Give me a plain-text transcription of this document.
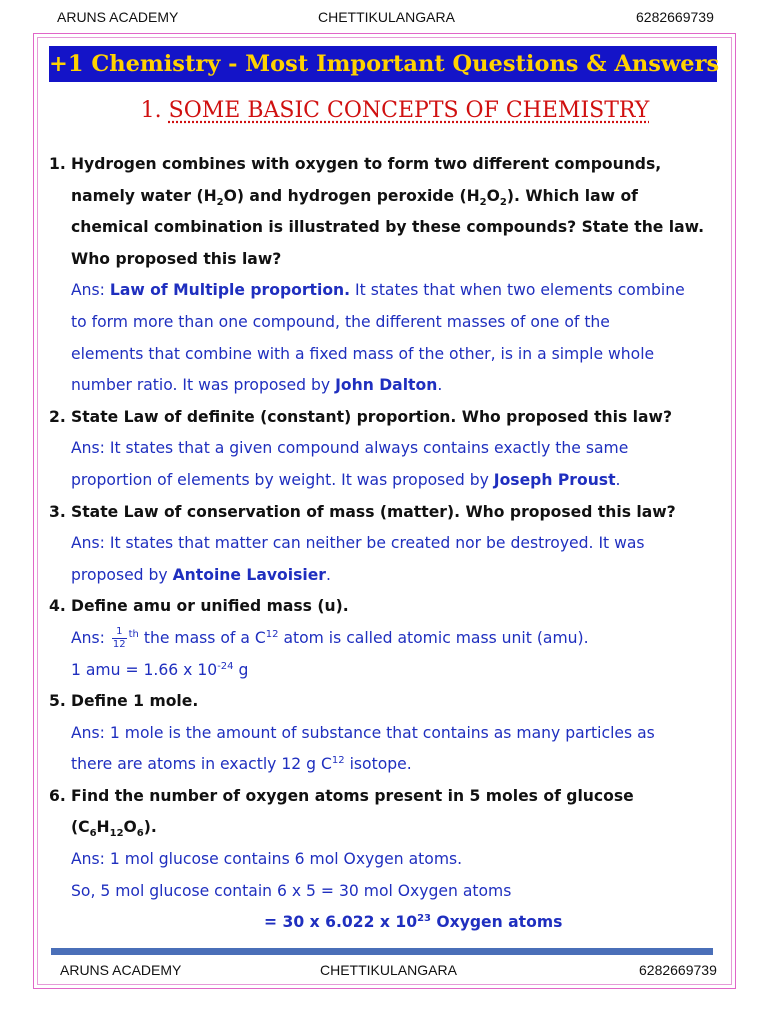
ARUNS ACADEMY	CHETTIKULANGARA	6282669739
+1 Chemistry - Most Important Questions & Answers
1. SOME BASIC CONCEPTS OF CHEMISTRY
1. Hydrogen combines with oxygen to form two different compounds,
namely water $(H_2O)$ and hydrogen peroxide $(H_2O_2)$. Which law of
chemical combination is illustrated by these compounds? State the law.
Who proposed this law?
Ans: Law of Multiple proportion. It states that when two elements combine
to form more than one compound, the different masses of one of the
elements that combine with a fixed mass of the other, is in a simple whole
number ratio. It was proposed by John Dalton.
2. State Law of definite (constant) proportion. Who proposed this law?
Ans: It states that a given compound always contains exactly the same
proportion of elements by weight. It was proposed by Joseph Proust.
3. State Law of conservation of mass (matter). Who proposed this law?
Ans: It states that matter can neither be created nor be destroyed. It was
proposed by Antoine Lavoisier.
4. Define amu or unified mass (u).
Ans: $\frac{1}{12} ^{th}$ the mass of a $C^{12}$ atom is called atomic mass unit (amu).
1 amu = 1.66 x $10^{-24}$ g
5. Define 1 mole.
Ans: 1 mole is the amount of substance that contains as many particles as
there are atoms in exactly 12 g $C^{12}$ isotope.
6. Find the number of oxygen atoms present in 5 moles of glucose
$(C_6H_{12}O_6)$.
Ans: 1 mol glucose contains 6 mol Oxygen atoms.
So, 5 mol glucose contain 6 x 5 = 30 mol Oxygen atoms
= 30 x 6.022 x $10^{23}$ Oxygen atoms
ARUNS ACADEMY	CHETTIKULANGARA	6282669739
